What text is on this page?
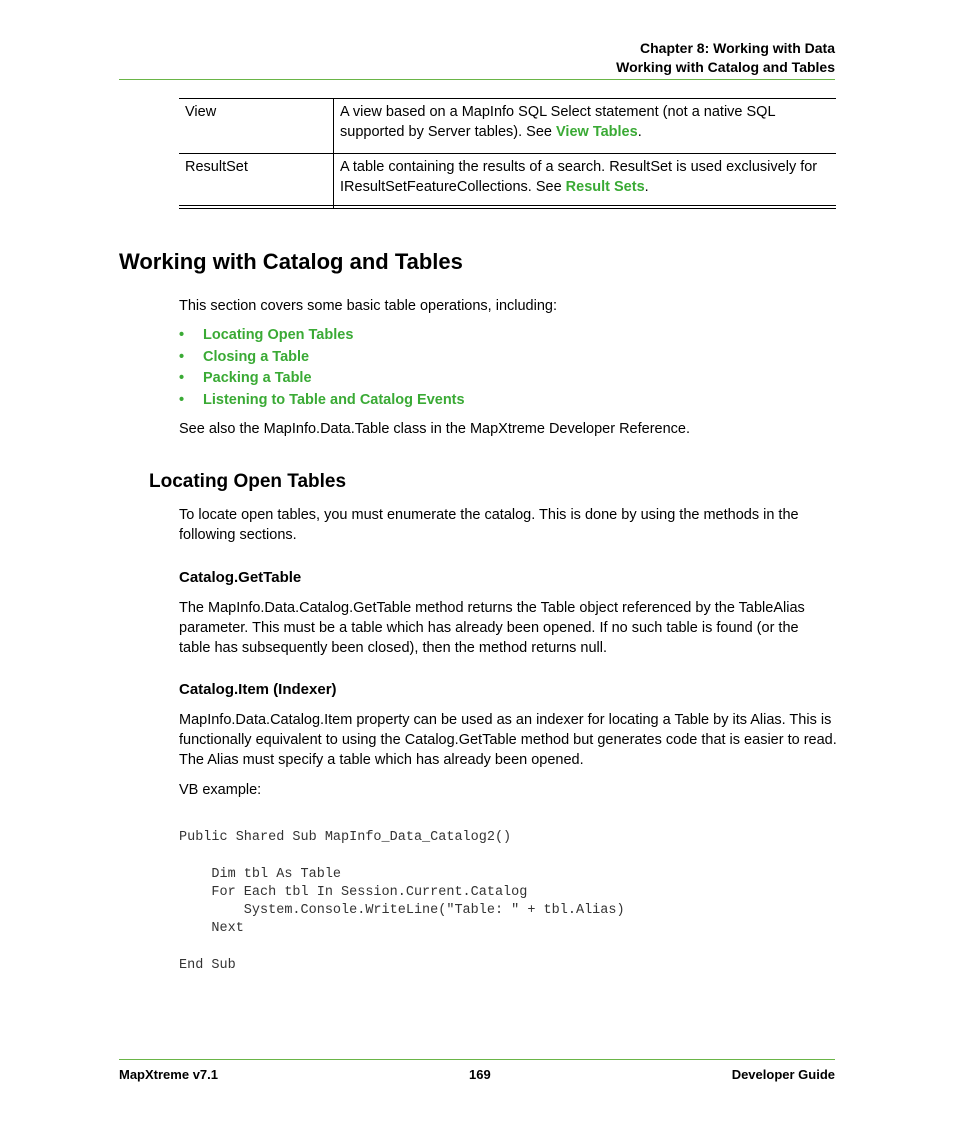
Chapter 8: Working with Data
Working with Catalog and Tables
View	A view based on a MapInfo SQL Select statement (not a native SQL supported by Server tables). See View Tables.
ResultSet	A table containing the results of a search. ResultSet is used exclusively for IResultSetFeatureCollections. See Result Sets.
Working with Catalog and Tables
This section covers some basic table operations, including:
• Locating Open Tables
• Closing a Table
• Packing a Table
• Listening to Table and Catalog Events
See also the MapInfo.Data.Table class in the MapXtreme Developer Reference.
Locating Open Tables
To locate open tables, you must enumerate the catalog. This is done by using the methods in the following sections.
Catalog.GetTable
The MapInfo.Data.Catalog.GetTable method returns the Table object referenced by the TableAlias parameter. This must be a table which has already been opened. If no such table is found (or the table has subsequently been closed), then the method returns null.
Catalog.Item (Indexer)
MapInfo.Data.Catalog.Item property can be used as an indexer for locating a Table by its Alias. This is functionally equivalent to using the Catalog.GetTable method but generates code that is easier to read. The Alias must specify a table which has already been opened.
VB example:
Public Shared Sub MapInfo_Data_Catalog2()

Dim tbl As Table
For Each tbl In Session.Current.Catalog
System.Console.WriteLine("Table: " + tbl.Alias)
Next

End Sub
MapXtreme v7.1	169	Developer Guide
